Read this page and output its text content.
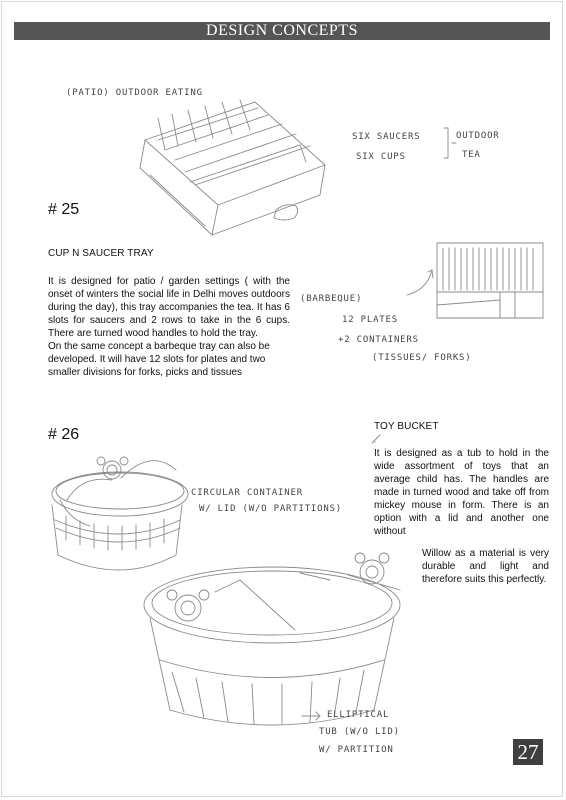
DESIGN CONCEPTS
(PATIO) OUTDOOR EATING
SIX SAUCERS
SIX CUPS
OUTDOOR
TEA
(BARBEQUE)
12 PLATES
+2 CONTAINERS
(TISSUES/ FORKS)
CIRCULAR CONTAINER
W/ LID (W/O PARTITIONS)
ELLIPTICAL
TUB (W/O LID)
W/ PARTITION
# 25
CUP N SAUCER TRAY

It is designed for patio / garden settings ( with the onset of winters the social life in Delhi moves outdoors during the day), this tray accompanies the tea. It has 6 slots for saucers and 2 rows to take in the 6 cups. There are turned wood handles to hold the tray.

On the same concept a barbeque tray can also be developed. It will have 12 slots for plates and two smaller divisions for forks, picks and tissues

# 26	TOY BUCKET
It is designed as a tub to hold in the wide assortment of toys that an average child has. The handles are made in turned wood and take off from mickey mouse in form. There is an option with a lid and another one without
Willow as a material is very durable and light and therefore suits this perfectly.
27
